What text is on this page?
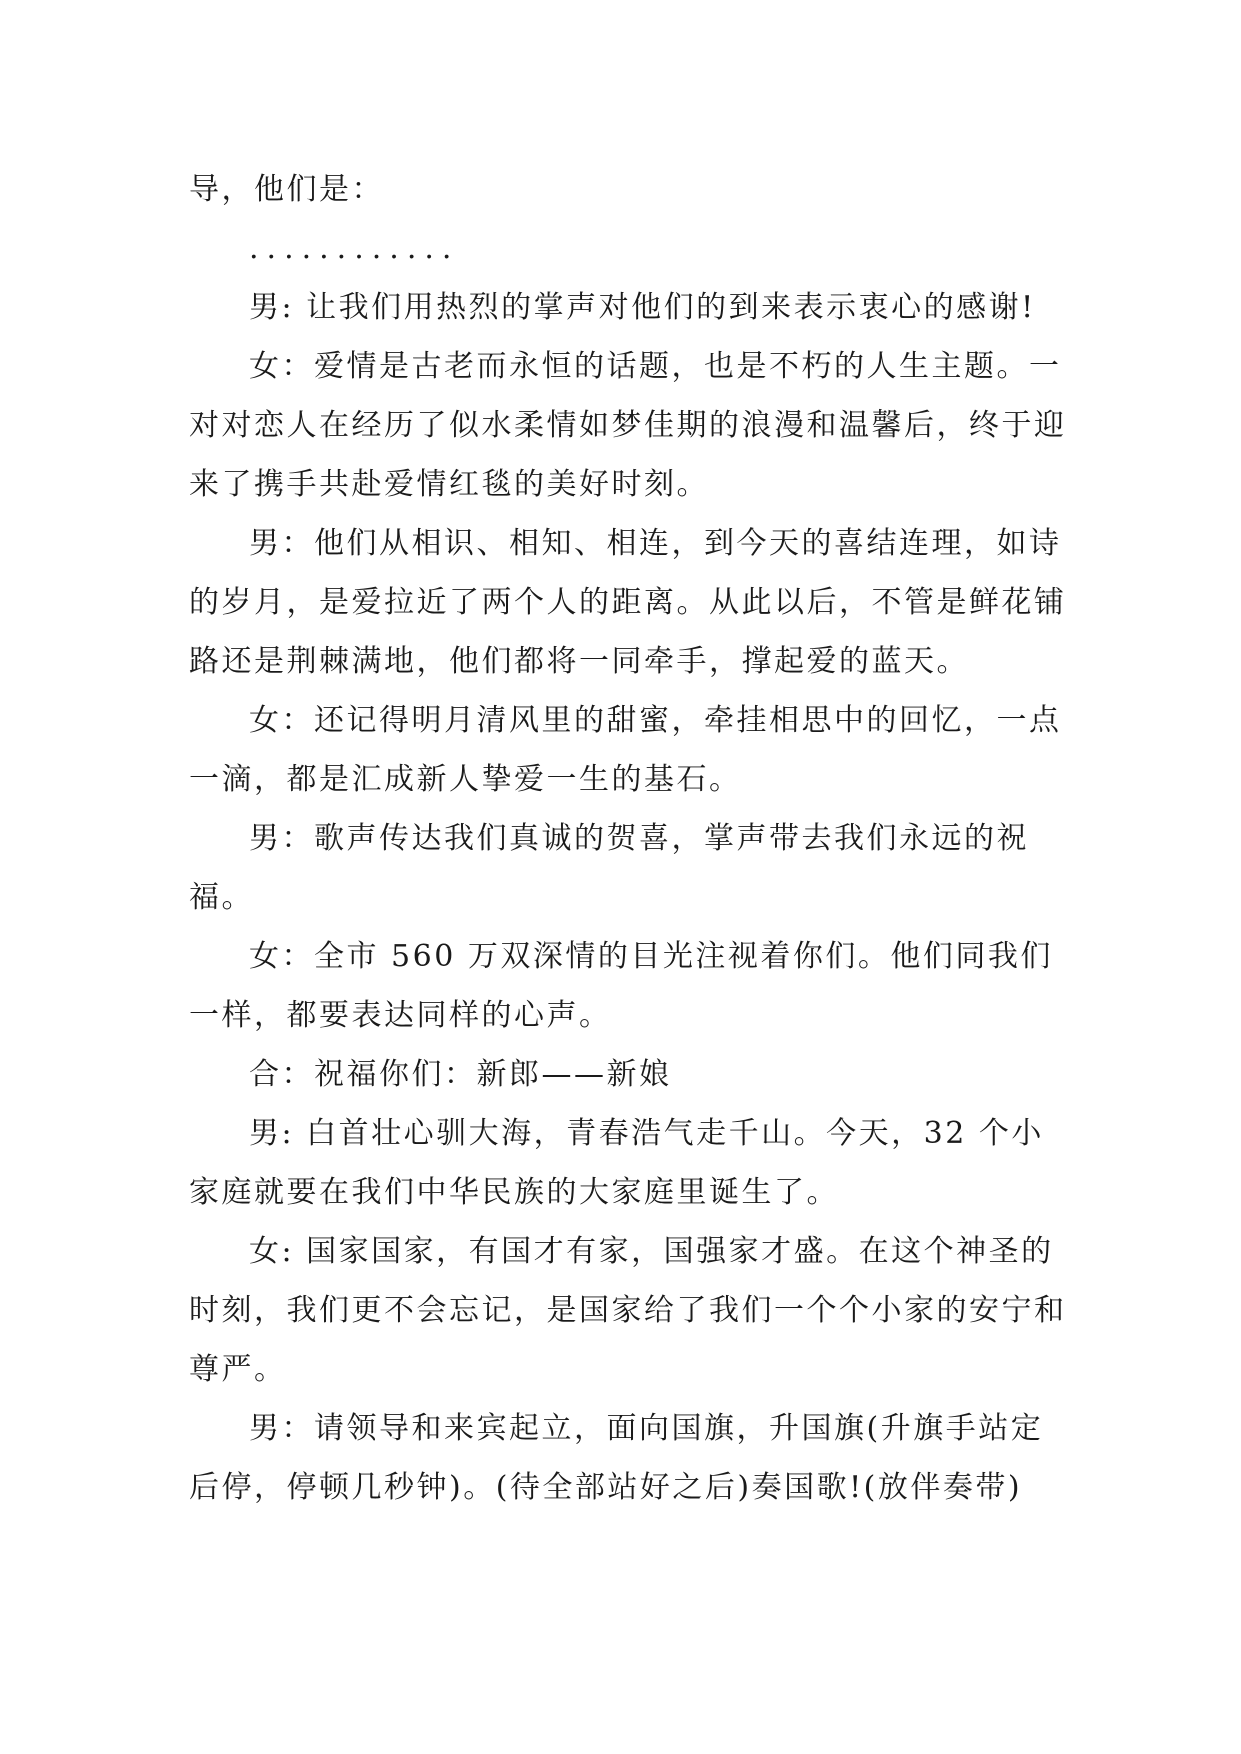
导，他们是：

............

男: 让我们用热烈的掌声对他们的到来表示衷心的感谢!

女：爱情是古老而永恒的话题，也是不朽的人生主题。一对对恋人在经历了似水柔情如梦佳期的浪漫和温馨后，终于迎来了携手共赴爱情红毯的美好时刻。

男：他们从相识、相知、相连，到今天的喜结连理，如诗的岁月，是爱拉近了两个人的距离。从此以后，不管是鲜花铺路还是荆棘满地，他们都将一同牵手，撑起爱的蓝天。

女：还记得明月清风里的甜蜜，牵挂相思中的回忆，一点一滴，都是汇成新人挚爱一生的基石。

男：歌声传达我们真诚的贺喜，掌声带去我们永远的祝福。

女：全市 560 万双深情的目光注视着你们。他们同我们一样，都要表达同样的心声。

合：祝福你们：新郎——新娘

男: 白首壮心驯大海，青春浩气走千山。今天，32 个小家庭就要在我们中华民族的大家庭里诞生了。

女: 国家国家，有国才有家，国强家才盛。在这个神圣的时刻，我们更不会忘记，是国家给了我们一个个小家的安宁和尊严。

男：请领导和来宾起立，面向国旗，升国旗(升旗手站定后停，停顿几秒钟)。(待全部站好之后)奏国歌!(放伴奏带)
